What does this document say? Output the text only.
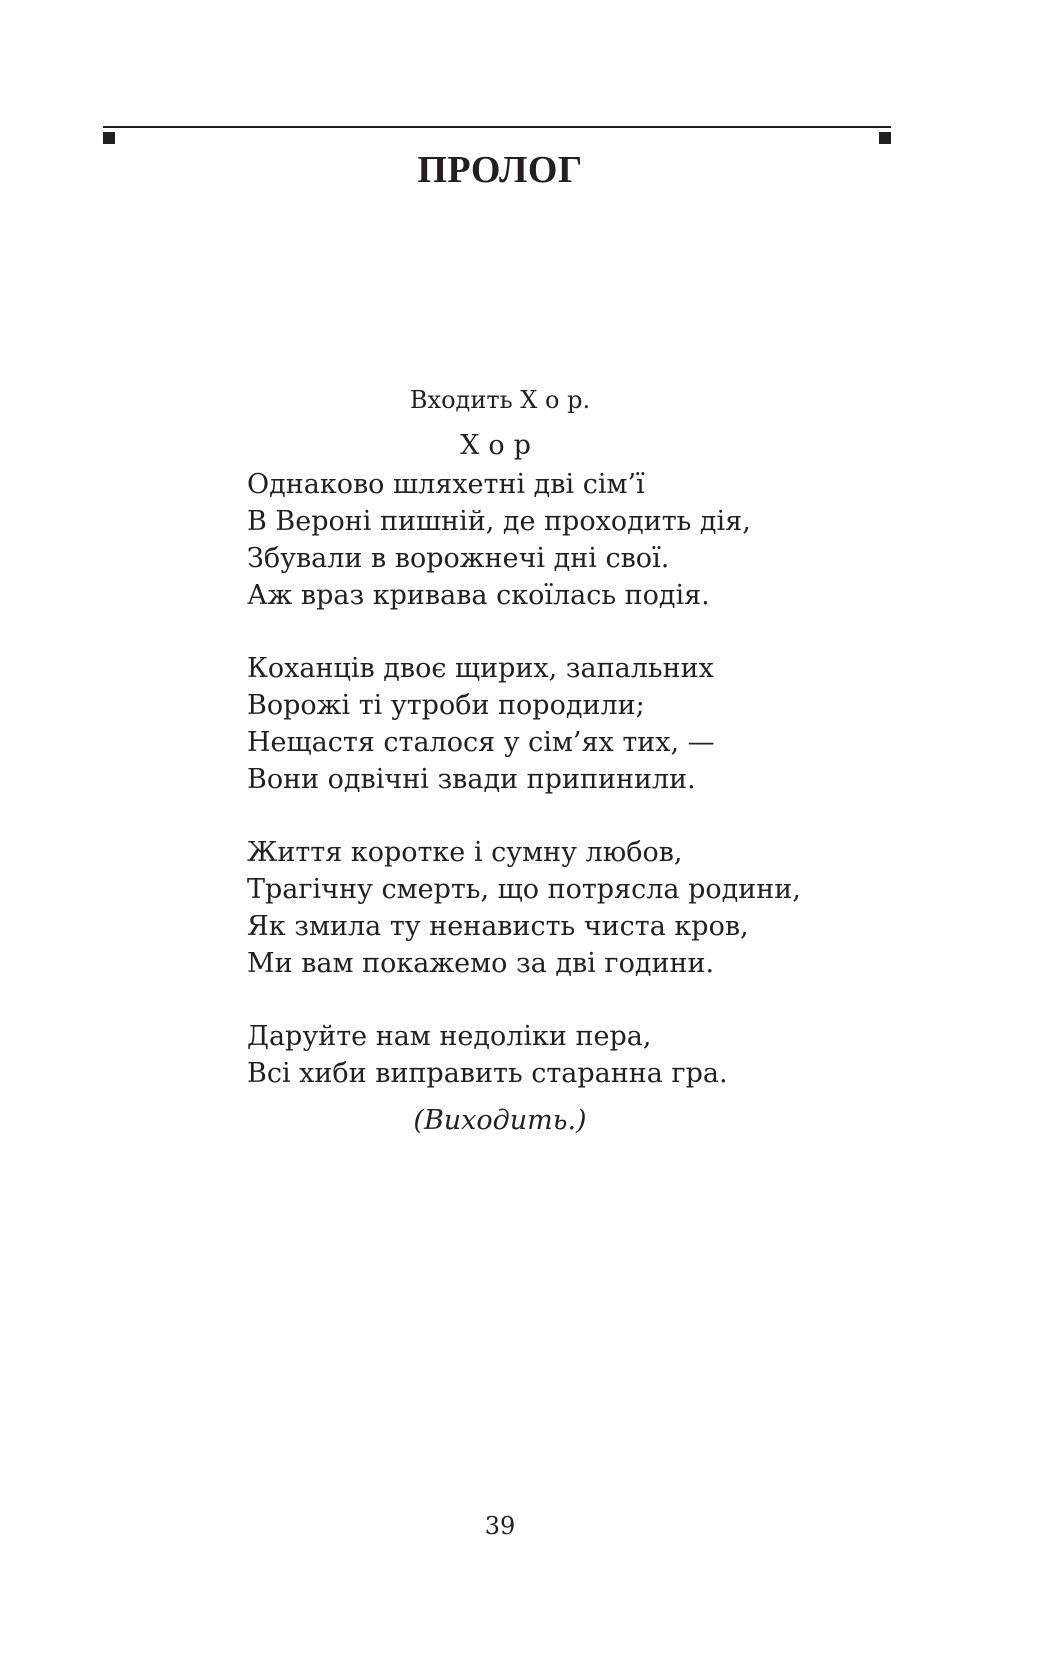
ПРОЛОГ
Входить Х о р.
Хор
Однаково шляхетні дві сім’ї
В Вероні пишній, де проходить дія,
Збували в ворожнечі дні свої.
Аж враз кривава скоїлась подія.
Коханців двоє щирих, запальних
Ворожі ті утроби породили;
Нещастя сталося у сім’ях тих, —
Вони одвічні звади припинили.
Життя коротке і сумну любов,
Трагічну смерть, що потрясла родини,
Як змила ту ненависть чиста кров,
Ми вам покажемо за дві години.
Даруйте нам недоліки пера,
Всі хиби виправить старанна гра.
(Виходить.)
39
